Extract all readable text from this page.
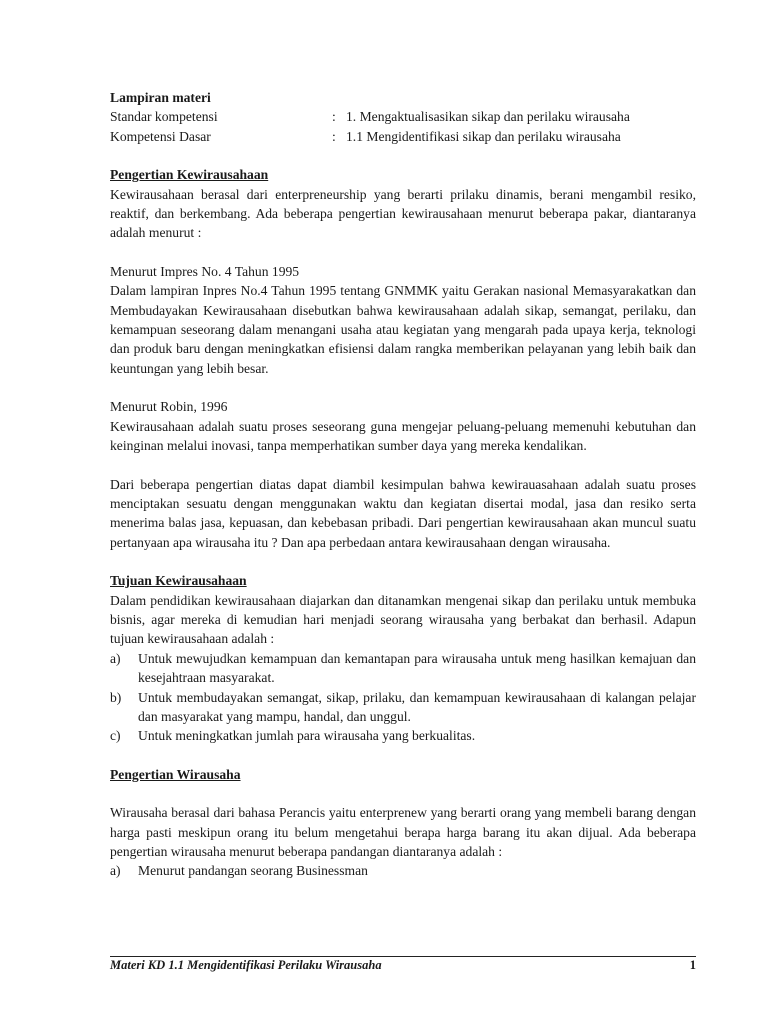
Lampiran materi
Standar kompetensi	: 1. Mengaktualisasikan sikap dan perilaku wirausaha
Kompetensi Dasar	: 1.1 Mengidentifikasi sikap dan perilaku wirausaha
Pengertian Kewirausahaan

Kewirausahaan berasal dari enterpreneurship yang berarti prilaku dinamis, berani mengambil resiko, reaktif, dan berkembang. Ada beberapa pengertian kewirausahaan menurut beberapa pakar, diantaranya adalah menurut :

Menurut Impres No. 4 Tahun 1995

Dalam lampiran Inpres No.4 Tahun 1995 tentang GNMMK yaitu Gerakan nasional Memasyarakatkan dan Membudayakan Kewirausahaan disebutkan bahwa kewirausahaan adalah sikap, semangat, perilaku, dan kemampuan seseorang dalam menangani usaha atau kegiatan yang mengarah pada upaya kerja, teknologi dan produk baru dengan meningkatkan efisiensi dalam rangka memberikan pelayanan yang lebih baik dan keuntungan yang lebih besar.

Menurut Robin, 1996

Kewirausahaan adalah suatu proses seseorang guna mengejar peluang-peluang memenuhi kebutuhan dan keinginan melalui inovasi, tanpa memperhatikan sumber daya yang mereka kendalikan.

Dari beberapa pengertian diatas dapat diambil kesimpulan bahwa kewirauasahaan adalah suatu proses menciptakan sesuatu dengan menggunakan waktu dan kegiatan disertai modal, jasa dan resiko serta menerima balas jasa, kepuasan, dan kebebasan pribadi. Dari pengertian kewirausahaan akan muncul suatu pertanyaan apa wirausaha itu ? Dan apa perbedaan antara kewirausahaan dengan wirausaha.

Tujuan Kewirausahaan

Dalam pendidikan kewirausahaan diajarkan dan ditanamkan mengenai sikap dan perilaku untuk membuka bisnis, agar mereka di kemudian hari menjadi seorang wirausaha yang berbakat dan berhasil. Adapun tujuan kewirausahaan adalah :

a)	Untuk mewujudkan kemampuan dan kemantapan para wirausaha untuk meng hasilkan kemajuan dan kesejahtraan masyarakat.
b)	Untuk membudayakan semangat, sikap, prilaku, dan kemampuan kewirausahaan di kalangan pelajar dan masyarakat yang mampu, handal, dan unggul.
c)	Untuk meningkatkan jumlah para wirausaha yang berkualitas.
Pengertian Wirausaha

Wirausaha berasal dari bahasa Perancis yaitu enterprenew yang berarti orang yang membeli barang dengan harga pasti meskipun orang itu belum mengetahui berapa harga barang itu akan dijual. Ada beberapa pengertian wirausaha menurut beberapa pandangan diantaranya adalah :

a)	Menurut pandangan seorang Businessman
Materi KD 1.1 Mengidentifikasi Perilaku Wirausaha	1
